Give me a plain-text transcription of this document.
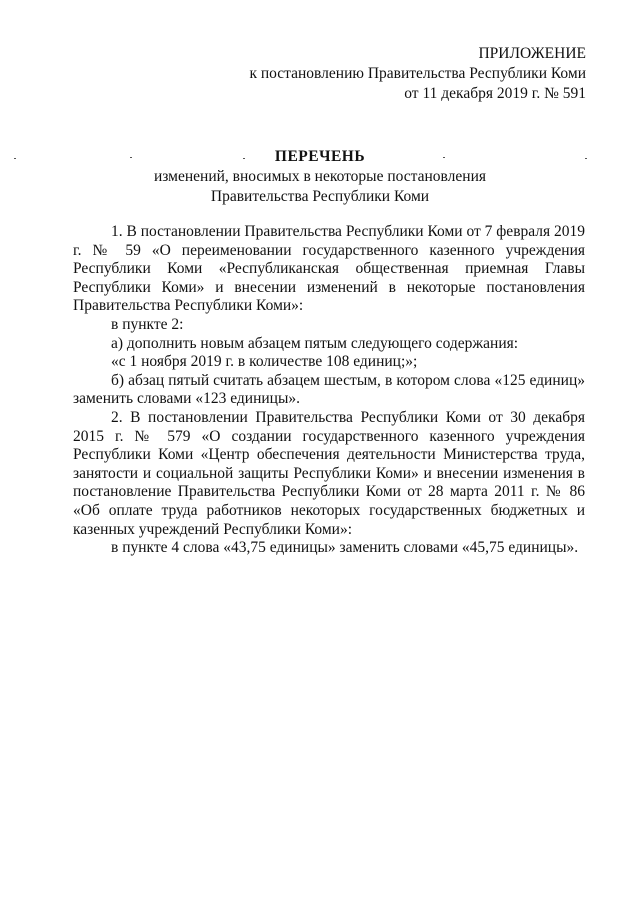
ПРИЛОЖЕНИЕ
к постановлению Правительства Республики Коми
от 11 декабря 2019 г. № 591
ПЕРЕЧЕНЬ
изменений, вносимых в некоторые постановления
Правительства Республики Коми

1. В постановлении Правительства Республики Коми от 7 февраля 2019 г. № 59 «О переименовании государственного казенного учреждения Республики Коми «Республиканская общественная приемная Главы Республики Коми» и внесении изменений в некоторые постановления Правительства Республики Коми»:

в пункте 2:

а) дополнить новым абзацем пятым следующего содержания:

«с 1 ноября 2019 г. в количестве 108 единиц;»;

б) абзац пятый считать абзацем шестым, в котором слова «125 единиц» заменить словами «123 единицы».

2. В постановлении Правительства Республики Коми от 30 декабря 2015 г. № 579 «О создании государственного казенного учреждения Республики Коми «Центр обеспечения деятельности Министерства труда, занятости и социальной защиты Республики Коми» и внесении изменения в постановление Правительства Республики Коми от 28 марта 2011 г. № 86 «Об оплате труда работников некоторых государственных бюджетных и казенных учреждений Республики Коми»:

в пункте 4 слова «43,75 единицы» заменить словами «45,75 единицы».
